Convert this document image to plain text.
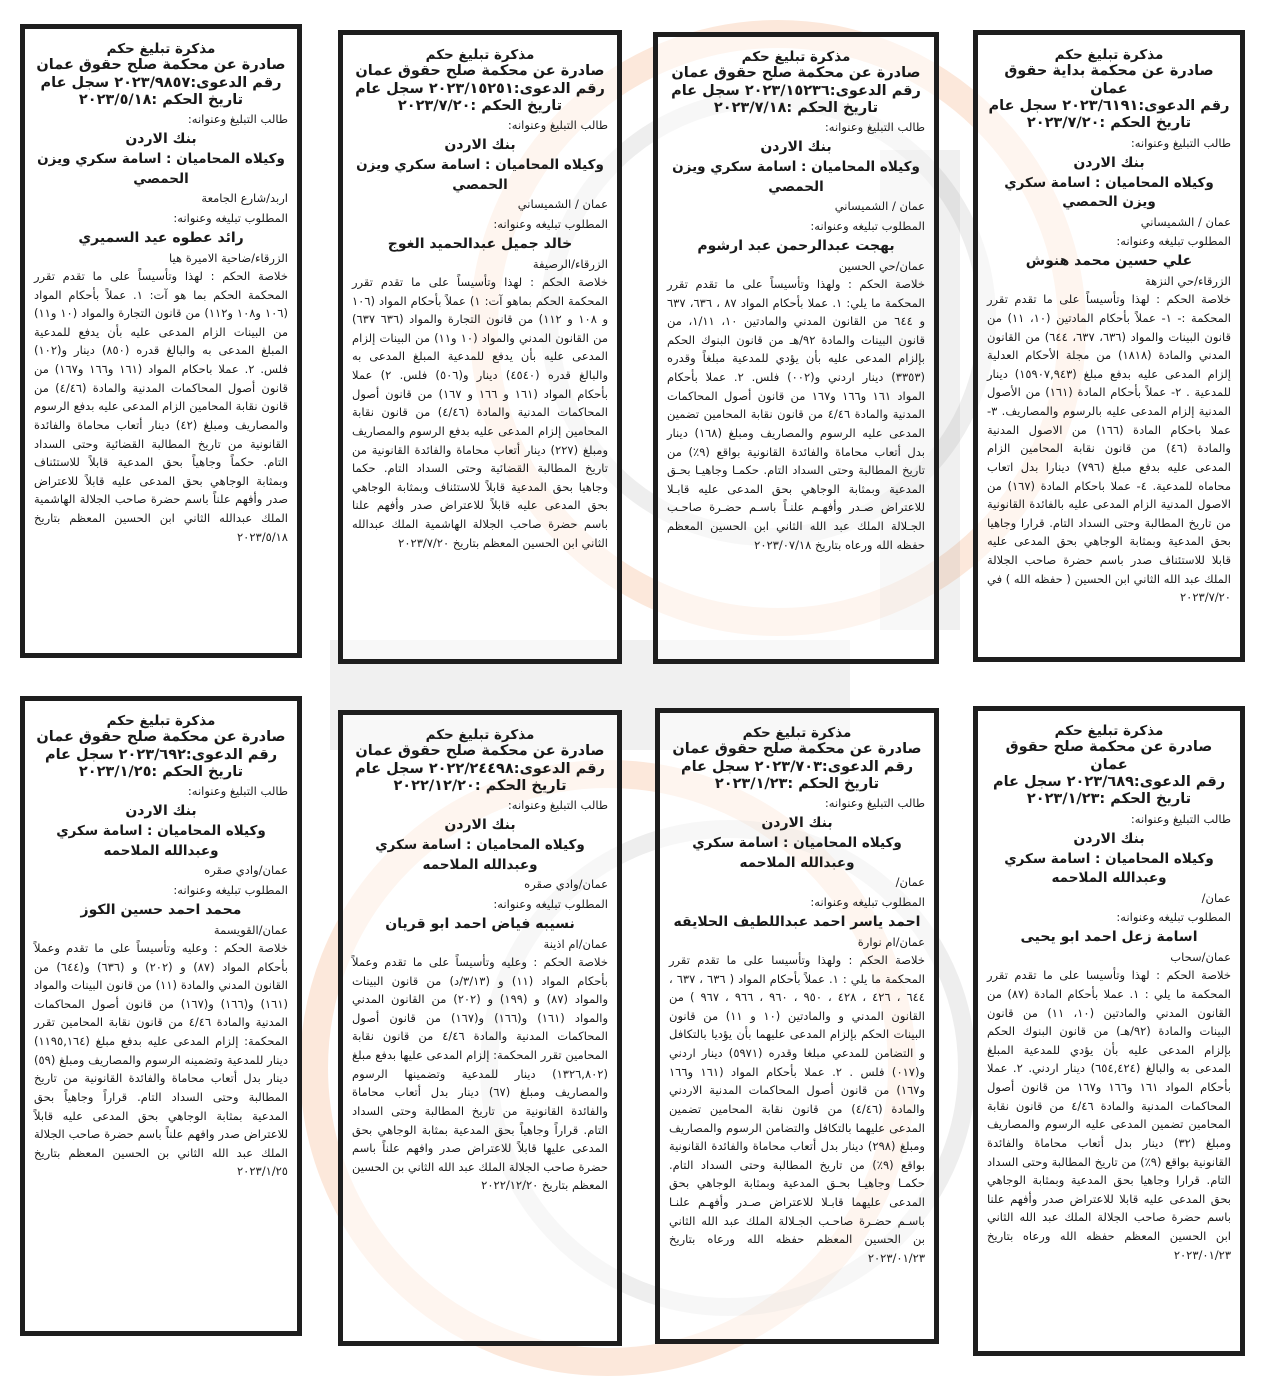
مذكرة تبليغ حكم
صادرة عن محكمة بداية حقوق عمان
رقم الدعوى:٢٠٢٣/٦١٩١ سجل عام
تاريخ الحكم :٢٠٢٣/٧/٢٠
طالب التبليغ وعنوانه:
بنك الاردن
وكيلاه المحاميان : اسامة سكري ويزن الحمصي
عمان / الشميساني
المطلوب تبليغه وعنوانه:
علي حسين محمد هنوش
الزرقاء/حي النزهة
خلاصة الحكم : لهذا وتأسيساً على ما تقدم تقرر المحكمة :- ١- عملاً بأحكام المادتين (١٠، ١١) من قانون البينات والمواد (٦٣٦، ٦٣٧، ٦٤٤) من القانون المدني والمادة (١٨١٨) من مجلة الأحكام العدلية إلزام المدعى عليه بدفع مبلغ (١٥٩٠٧,٩٤٣) دينار للمدعية . ٢- عملاً بأحكام المادة (١٦١) من الأصول المدنية إلزام المدعى عليه بالرسوم والمصاريف. ٣- عملا باحكام المادة (١٦٦) من الاصول المدنية والمادة (٤٦) من قانون نقابة المحامين الزام المدعى عليه بدفع مبلغ (٧٩٦) دينارا بدل اتعاب محاماه للمدعية. ٤- عملا باحكام المادة (١٦٧) من الاصول المدنية الزام المدعى عليه بالفائدة القانونية من تاريخ المطالبة وحتى السداد التام. قرارا وجاهيا بحق المدعية وبمثابة الوجاهي بحق المدعى عليه قابلا للاستئناف صدر باسم حضرة صاحب الجلالة الملك عبد الله الثاني ابن الحسين ( حفظه الله ) في ٢٠٢٣/٧/٢٠
مذكرة تبليغ حكم
صادرة عن محكمة صلح حقوق عمان
رقم الدعوى:٢٠٢٣/١٥٢٣٦ سجل عام
تاريخ الحكم :٢٠٢٣/٧/١٨
طالب التبليغ وعنوانه:
بنك الاردن
وكيلاه المحاميان : اسامة سكري ويزن الحمصي
عمان / الشميساني
المطلوب تبليغه وعنوانه:
بهجت عبدالرحمن عبد ارشوم
عمان/حي الحسين
خلاصة الحكم : ولهذا وتأسيساً على ما تقدم تقرر المحكمة ما يلي: ١. عملا بأحكام المواد ٨٧ ، ٦٣٦، ٦٣٧ و ٦٤٤ من القانون المدني والمادتين ١٠، ١/١١، من قانون البينات والمادة ٩٢/هـ من قانون البنوك الحكم بإلزام المدعى عليه بأن يؤدي للمدعية مبلغاً وقدره (٣٣٥٣) دينار اردني و(٠٠٢) فلس. ٢. عملا بأحكام المواد ١٦١ و١٦٦ و١٦٧ من قانون أصول المحاكمات المدنية والمادة ٤/٤٦ من قانون نقابة المحامين تضمين المدعى عليه الرسوم والمصاريف ومبلغ (١٦٨) دينار بدل أتعاب محاماة والفائدة القانونية بواقع (٩٪) من تاريخ المطالبة وحتى السداد التام. حكمـا وجاهيـا بحـق المدعية وبمثابة الوجاهي بحق المدعى عليه قابـلا للاعتراض صـدر وأفهـم علنـاً باسـم حضـرة صاحـب الجـلالة الملك عبد الله الثاني ابن الحسين المعظم حفظه الله ورعاه بتاريخ ٢٠٢٣/٠٧/١٨
مذكرة تبليغ حكم
صادرة عن محكمة صلح حقوق عمان
رقم الدعوى:٢٠٢٣/١٥٢٥١ سجل عام
تاريخ الحكم :٢٠٢٣/٧/٢٠
طالب التبليغ وعنوانه:
بنك الاردن
وكيلاه المحاميان : اسامة سكري ويزن الحمصي
عمان / الشميساني
المطلوب تبليغه وعنوانه:
خالد جميل عبدالحميد الغوج
الزرقاء/الرصيفة
خلاصة الحكم : لهذا وتأسيساً على ما تقدم تقرر المحكمة الحكم بماهو آت: ١) عملاً بأحكام المواد (١٠٦ و ١٠٨ و ١١٢) من قانون التجارة والمواد (٦٣٦ ٦٣٧) من القانون المدني والمواد (١٠ و١١) من البينات إلزام المدعى عليه بأن يدفع للمدعية المبلغ المدعى به والبالغ قدره (٤٥٤٠) دينار و(٥٠٦) فلس. ٢) عملا بأحكام المواد (١٦١ و ١٦٦ و ١٦٧) من قانون أصول المحاكمات المدنية والمادة (٤/٤٦) من قانون نقابة المحامين إلزام المدعى عليه بدفع الرسوم والمصاريف ومبلغ (٢٢٧) دينار أتعاب محاماة والفائدة القانونية من تاريخ المطالبة القضائية وحتى السداد التام. حكما وجاهيا بحق المدعية قابلاً للاستئناف وبمثابة الوجاهي بحق المدعى عليه قابلاً للاعتراض صدر وأفهم علنا باسم حضرة صاحب الجلالة الهاشمية الملك عبدالله الثاني ابن الحسين المعظم بتاريخ ٢٠٢٣/٧/٢٠
مذكرة تبليغ حكم
صادرة عن محكمة صلح حقوق عمان
رقم الدعوى:٢٠٢٣/٩٨٥٧ سجل عام
تاريخ الحكم :٢٠٢٣/٥/١٨
طالب التبليغ وعنوانه:
بنك الاردن
وكيلاه المحاميان : اسامة سكري ويزن الحمصي
اربد/شارع الجامعة
المطلوب تبليغه وعنوانه:
رائد عطوه عيد السميري
الزرقاء/ضاحية الاميرة هيا
خلاصة الحكم : لهذا وتأسيساً على ما تقدم تقرر المحكمة الحكم بما هو آت: ١. عملاً بأحكام المواد (١٠٦ و١٠٨ و١١٢) من قانون التجارة والمواد (١٠ و١١) من البينات الزام المدعى عليه بأن يدفع للمدعية المبلغ المدعى به والبالغ قدره (٨٥٠) دينار و(١٠٢) فلس. ٢. عملا باحكام المواد (١٦١ و١٦٦ و١٦٧) من قانون أصول المحاكمات المدنية والمادة (٤/٤٦) من قانون نقابة المحامين الزام المدعى عليه بدفع الرسوم والمصاريف ومبلغ (٤٢) دينار أتعاب محاماة والفائدة القانونية من تاريخ المطالبة القضائية وحتى السداد التام. حكماً وجاهياً بحق المدعية قابلاً للاستئناف وبمثابة الوجاهي بحق المدعى عليه قابلاً للاعتراض صدر وأفهم علناً باسم حضرة صاحب الجلالة الهاشمية الملك عبدالله الثاني ابن الحسين المعظم بتاريخ ٢٠٢٣/٥/١٨
مذكرة تبليغ حكم
صادرة عن محكمة صلح حقوق عمان
رقم الدعوى:٢٠٢٣/٦٨٩ سجل عام
تاريخ الحكم :٢٠٢٣/١/٢٣
طالب التبليغ وعنوانه:
بنك الاردن
وكيلاه المحاميان : اسامة سكري وعبدالله الملاحمه
عمان/
المطلوب تبليغه وعنوانه:
اسامة زعل احمد ابو يحيى
عمان/سحاب
خلاصة الحكم : لهذا وتأسيسا على ما تقدم تقرر المحكمة ما يلي : ١. عملا بأحكام المادة (٨٧) من القانون المدني والمادتين (١٠، ١١) من قانون البينات والمادة (٩٢/هـ) من قانون البنوك الحكم بإلزام المدعى عليه بأن يؤدي للمدعية المبلغ المدعى به والبالغ (٦٥٤,٤٢٤) دينار اردني. ٢. عملا بأحكام المواد ١٦١ و١٦٦ و١٦٧ من قانون أصول المحاكمات المدنية والمادة ٤/٤٦ من قانون نقابة المحامين تضمين المدعى عليه الرسوم والمصاريف ومبلغ (٣٢) دينار بدل أتعاب محاماة والفائدة القانونية بواقع (٩٪) من تاريخ المطالبة وحتى السداد التام. قرارا وجاهيا بحق المدعية وبمثابة الوجاهي بحق المدعى عليه قابلا للاعتراض صدر وأفهم علنا باسم حضرة صاحب الجلالة الملك عبد الله الثاني ابن الحسين المعظم حفظه الله ورعاه بتاريخ ٢٠٢٣/٠١/٢٣
مذكرة تبليغ حكم
صادرة عن محكمة صلح حقوق عمان
رقم الدعوى:٢٠٢٣/٧٠٣ سجل عام
تاريخ الحكم :٢٠٢٣/١/٢٣
طالب التبليغ وعنوانه:
بنك الاردن
وكيلاه المحاميان : اسامة سكري وعبدالله الملاحمه
عمان/
المطلوب تبليغه وعنوانه:
احمد ياسر احمد عبداللطيف الحلايقه
عمان/ام نوارة
خلاصة الحكم : ولهذا وتأسيسا على ما تقدم تقرر المحكمة ما يلي : ١. عملاً بأحكام المواد ( ٦٣٦ ، ٦٣٧ ، ٦٤٤ ، ٤٢٦ ، ٤٢٨ ، ٩٥٠ ، ٩٦٠ ، ٩٦٦ ، ٩٦٧ ) من القانون المدني و والمادتين (١٠ و ١١) من قانون البينات الحكم بإلزام المدعى عليهما بأن يؤديا بالتكافل و التضامن للمدعي مبلغا وقدره (٥٩٧١) دينار اردني و(٠١٧) فلس . ٢. عملا بأحكام المواد (١٦١ و١٦٦ و١٦٧) من قانون أصول المحاكمات المدنية الاردني والمادة (٤/٤٦) من قانون نقابة المحامين تضمين المدعى عليهما بالتكافل والتضامن الرسوم والمصاريف ومبلغ (٢٩٨) دينار بدل أتعاب محاماة والفائدة القانونية بواقع (٩٪) من تاريخ المطالبة وحتى السداد التام. حكمـا وجاهيـا بحـق المدعية وبمثابة الوجاهي بحق المدعى عليهما قابـلا للاعتراض صـدر وأفهـم علنـا باسـم حضـرة صاحـب الجـلالة الملك عبد الله الثاني بن الحسين المعظم حفظه الله ورعاه بتاريخ ٢٠٢٣/٠١/٢٣
مذكرة تبليغ حكم
صادرة عن محكمة صلح حقوق عمان
رقم الدعوى:٢٠٢٢/٢٤٤٩٨ سجل عام
تاريخ الحكم :٢٠٢٢/١٢/٢٠
طالب التبليغ وعنوانه:
بنك الاردن
وكيلاه المحاميان : اسامة سكري وعبدالله الملاحمه
عمان/وادي صقره
المطلوب تبليغه وعنوانه:
نسيبه فياض احمد ابو قريان
عمان/ام اذينة
خلاصة الحكم : وعليه وتأسيساً على ما تقدم وعملاً بأحكام المواد (١١) و (٣/١٣/د) من قانون البينات والمواد (٨٧) و (١٩٩) و (٢٠٢) من القانون المدني والمواد (١٦١) و(١٦٦) و(١٦٧) من قانون أصول المحاكمات المدنية والمادة ٤/٤٦ من قانون نقابة المحامين تقرر المحكمة: إلزام المدعى عليها بدفع مبلغ (١٣٢٦,٨٠٢) دينار للمدعية وتضمينها الرسوم والمصاريف ومبلغ (٦٧) دينار بدل أتعاب محاماة والفائدة القانونية من تاريخ المطالبة وحتى السداد التام. قراراً وجاهياً بحق المدعية بمثابة الوجاهي بحق المدعى عليها قابلاً للاعتراض صدر وافهم علناً باسم حضرة صاحب الجلالة الملك عبد الله الثاني بن الحسين المعظم بتاريخ ٢٠٢٢/١٢/٢٠
مذكرة تبليغ حكم
صادرة عن محكمة صلح حقوق عمان
رقم الدعوى:٢٠٢٣/٦٩٢ سجل عام
تاريخ الحكم :٢٠٢٣/١/٢٥
طالب التبليغ وعنوانه:
بنك الاردن
وكيلاه المحاميان : اسامة سكري وعبدالله الملاحمه
عمان/وادي صقره
المطلوب تبليغه وعنوانه:
محمد احمد حسين الكوز
عمان/القويسمة
خلاصة الحكم : وعليه وتأسيساً على ما تقدم وعملاً بأحكام المواد (٨٧) و (٢٠٢) و (٦٣٦) و(٦٤٤) من القانون المدني والمادة (١١) من قانون البينات والمواد (١٦١) و(١٦٦) و(١٦٧) من قانون أصول المحاكمات المدنية والمادة ٤/٤٦ من قانون نقابة المحامين تقرر المحكمة: إلزام المدعى عليه بدفع مبلغ (١١٩٥,١٦٤) دينار للمدعية وتضمينه الرسوم والمصاريف ومبلغ (٥٩) دينار بدل أتعاب محاماة والفائدة القانونية من تاريخ المطالبة وحتى السداد التام. قراراً وجاهياً بحق المدعية بمثابة الوجاهي بحق المدعى عليه قابلاً للاعتراض صدر وافهم علناً باسم حضرة صاحب الجلالة الملك عبد الله الثاني بن الحسين المعظم بتاريخ ٢٠٢٣/١/٢٥
